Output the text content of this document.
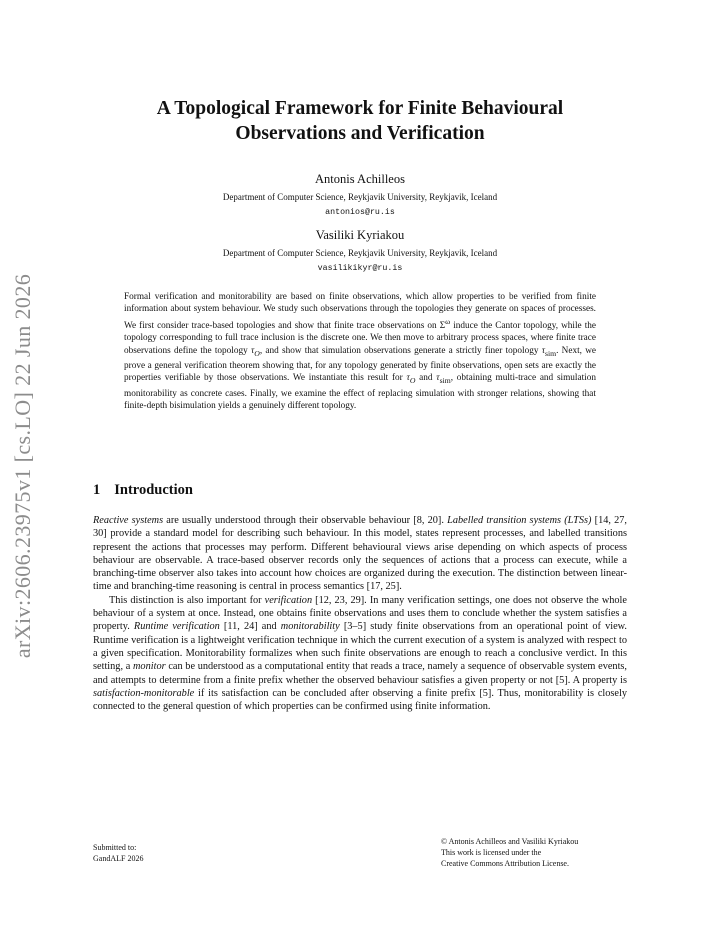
arXiv:2606.23975v1 [cs.LO] 22 Jun 2026
A Topological Framework for Finite Behavioural
Observations and Verification
Antonis Achilleos
Department of Computer Science, Reykjavik University, Reykjavik, Iceland
antonios@ru.is
Vasiliki Kyriakou
Department of Computer Science, Reykjavik University, Reykjavik, Iceland
vasilikikyr@ru.is

Formal verification and monitorability are based on finite observations, which allow properties to be verified from finite information about system behaviour. We study such observations through the topologies they generate on spaces of processes. We first consider trace-based topologies and show that finite trace observations on $\Sigma^\omega$ induce the Cantor topology, while the topology corresponding to full trace inclusion is the discrete one. We then move to arbitrary process spaces, where finite trace observations define the topology $\tau_O$, and show that simulation observations generate a strictly finer topology $\tau_{sim}$. Next, we prove a general verification theorem showing that, for any topology generated by finite observations, open sets are exactly the properties verifiable by those observations. We instantiate this result for $\tau_O$ and $\tau_{sim}$, obtaining multi-trace and simulation monitorability as concrete cases. Finally, we examine the effect of replacing simulation with stronger relations, showing that finite-depth bisimulation yields a genuinely different topology.

1 Introduction

Reactive systems are usually understood through their observable behaviour [8, 20]. Labelled transition systems (LTSs) [14, 27, 30] provide a standard model for describing such behaviour. In this model, states represent processes, and labelled transitions represent the actions that processes may perform. Different behavioural views arise depending on which aspects of process behaviour are observable. A trace-based observer records only the sequences of actions that a process can execute, while a branching-time observer also takes into account how choices are organized during the execution. The distinction between linear-time and branching-time reasoning is central in process semantics [17, 25].

This distinction is also important for verification [12, 23, 29]. In many verification settings, one does not observe the whole behaviour of a system at once. Instead, one obtains finite observations and uses them to conclude whether the system satisfies a property. Runtime verification [11, 24] and monitorability [3–5] study finite observations from an operational point of view. Runtime verification is a lightweight verification technique in which the current execution of a system is analyzed with respect to a given specification. Monitorability formalizes when such finite observations are enough to reach a conclusive verdict. In this setting, a monitor can be understood as a computational entity that reads a trace, namely a sequence of observable system events, and attempts to determine from a finite prefix whether the observed behaviour satisfies a given property or not [5]. A property is satisfaction-monitorable if its satisfaction can be concluded after observing a finite prefix [5]. Thus, monitorability is closely connected to the general question of which properties can be confirmed using finite information.

Submitted to:
GandALF 2026
© Antonis Achilleos and Vasiliki Kyriakou
This work is licensed under the
Creative Commons Attribution License.
